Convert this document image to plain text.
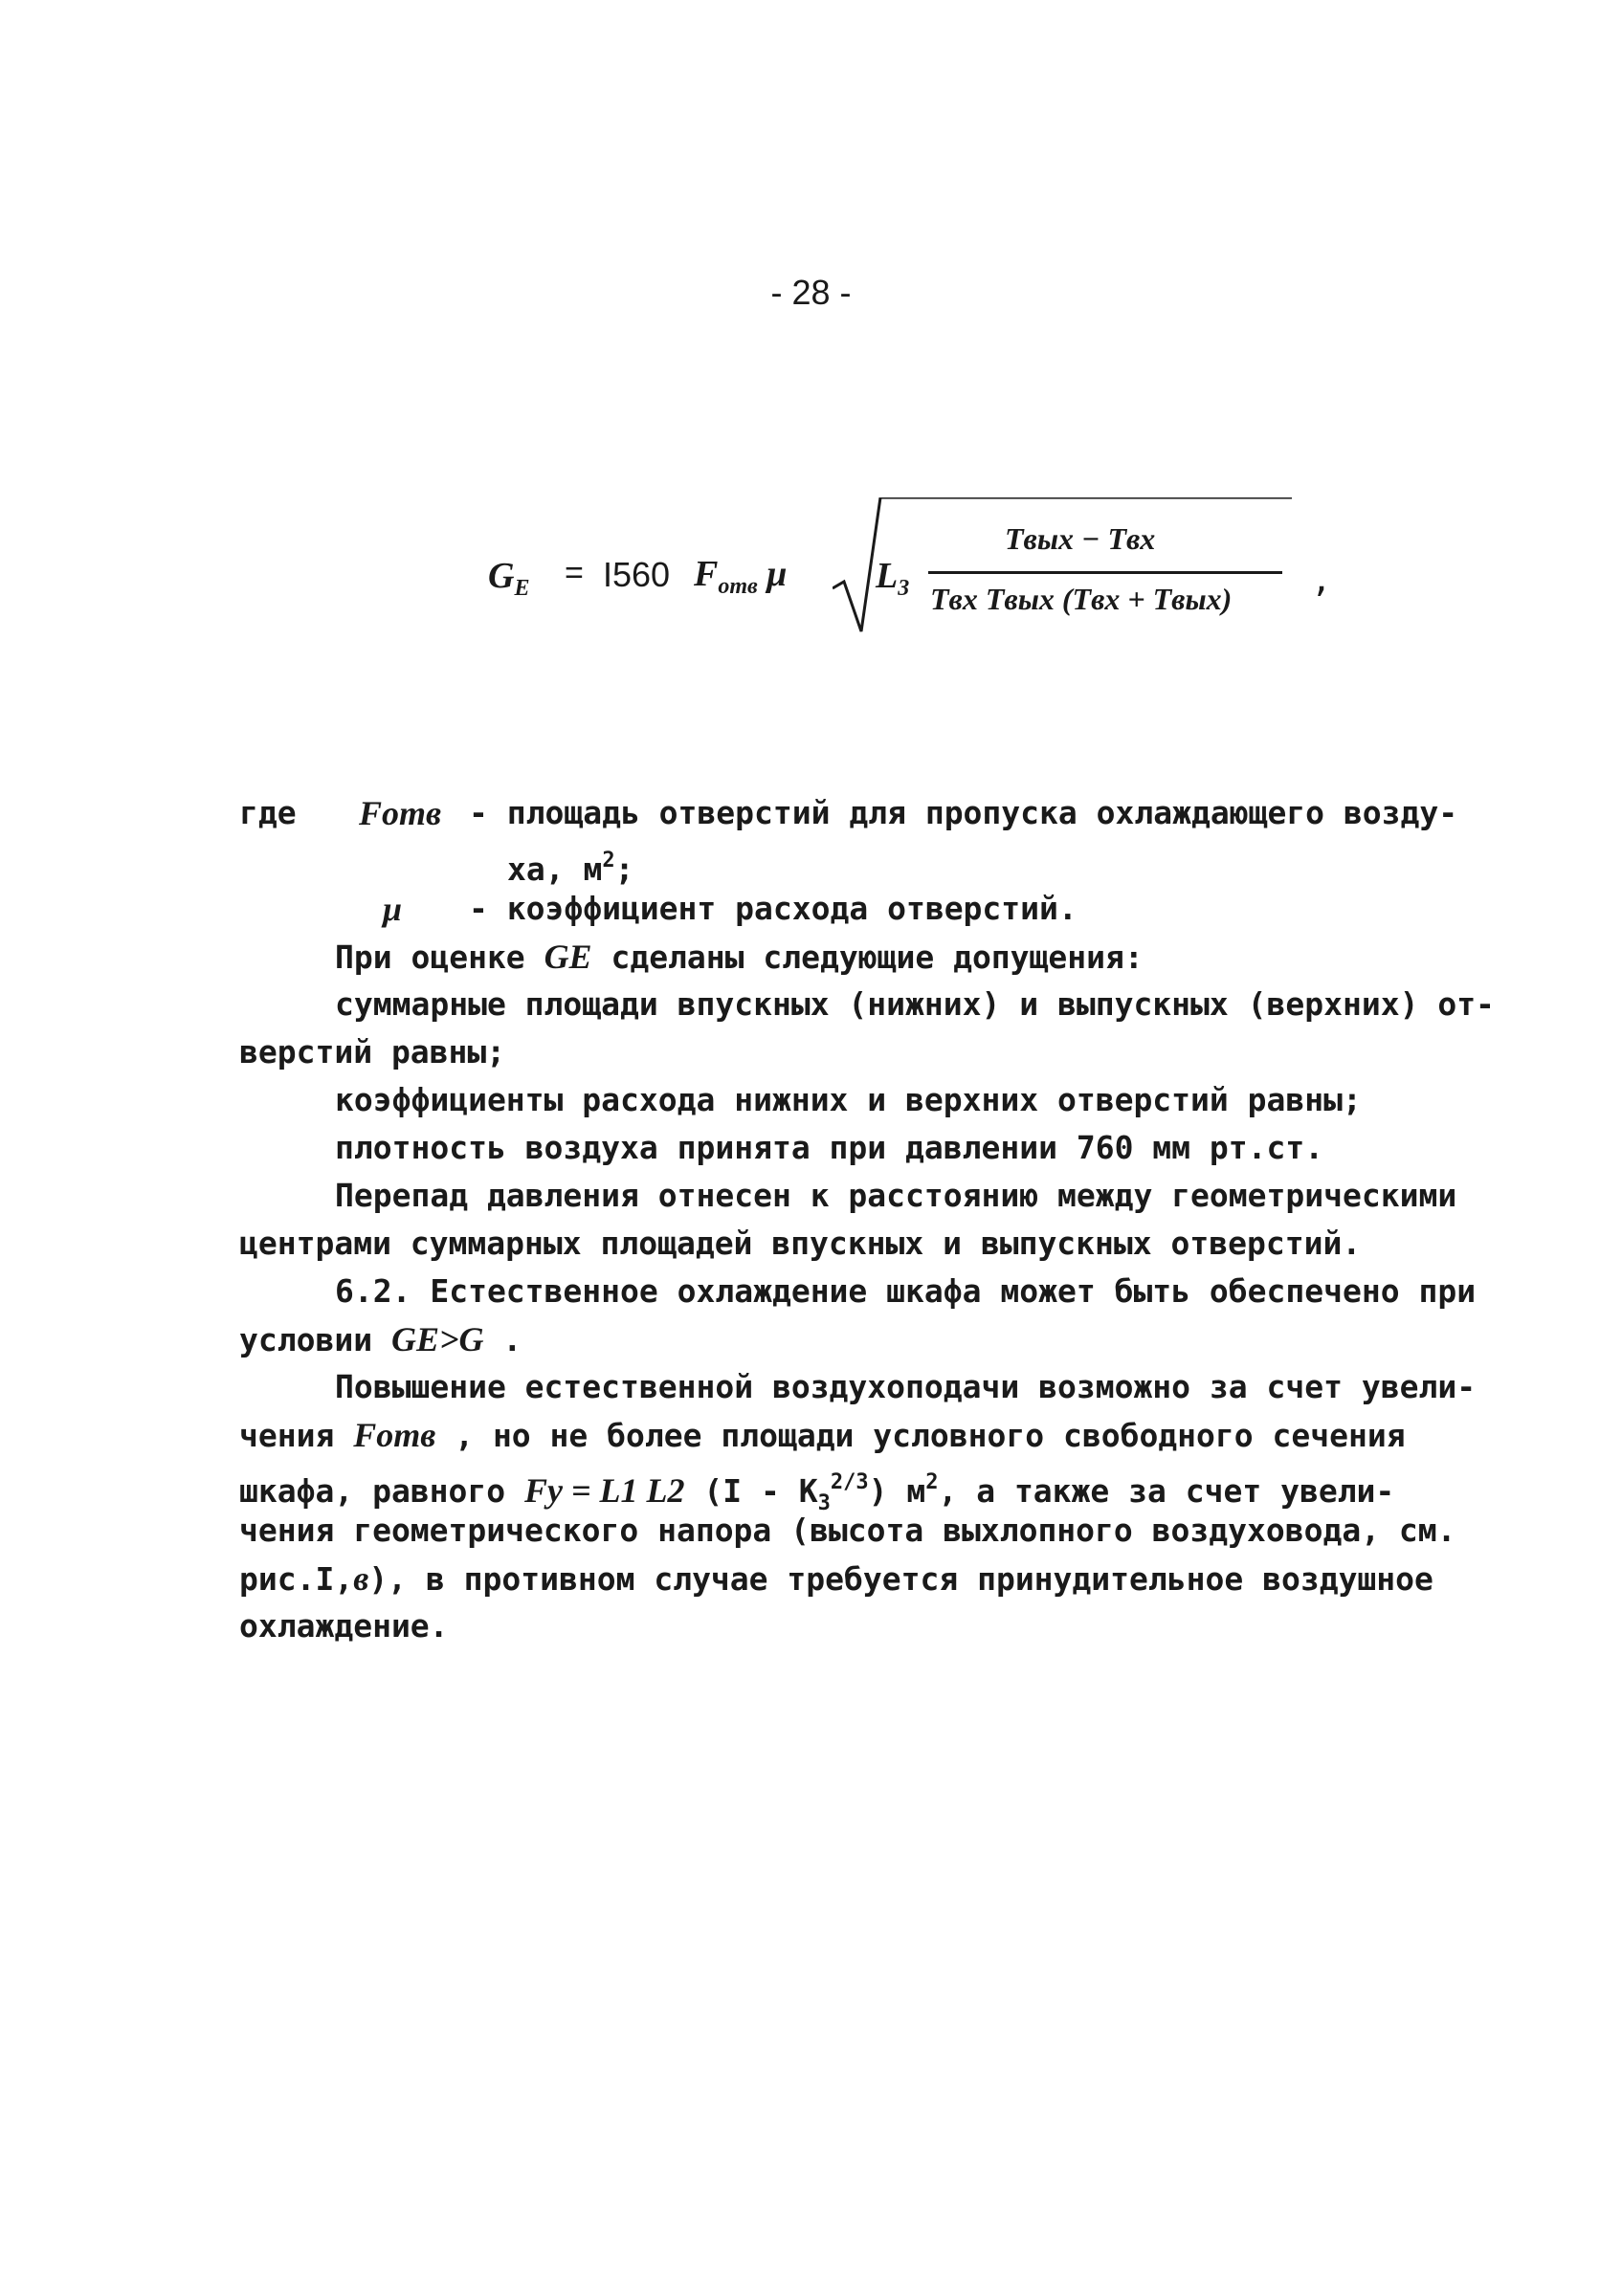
- 28 -
$G_E = I560$ $F_{отв}$ μ $L_3$
Tвых − Tвх
Tвх Tвых (Tвх + Tвых) ,
где Fотв - площадь отверстий для пропуска охлаждающего возду-
ха, $м^2$;
μ - коэффициент расхода отверстий.
При оценке GE сделаны следующие допущения:
суммарные площади впускных (нижних) и выпускных (верхних) от-
верстий равны;
коэффициенты расхода нижних и верхних отверстий равны;
плотность воздуха принята при давлении 760 мм рт.ст.
Перепад давления отнесен к расстоянию между геометрическими
центрами суммарных площадей впускных и выпускных отверстий.
6.2. Естественное охлаждение шкафа может быть обеспечено при
условии GE>G .
Повышение естественной воздухоподачи возможно за счет увели-
чения Fотв , но не более площади условного свободного сечения
шкафа, равного Fy = L1 L2 $(I - K_3^{2/3})$ $м^2$, а также за счет увели-
чения геометрического напора (высота выхлопного воздуховода, см.
рис.I,в), в противном случае требуется принудительное воздушное
охлаждение.
